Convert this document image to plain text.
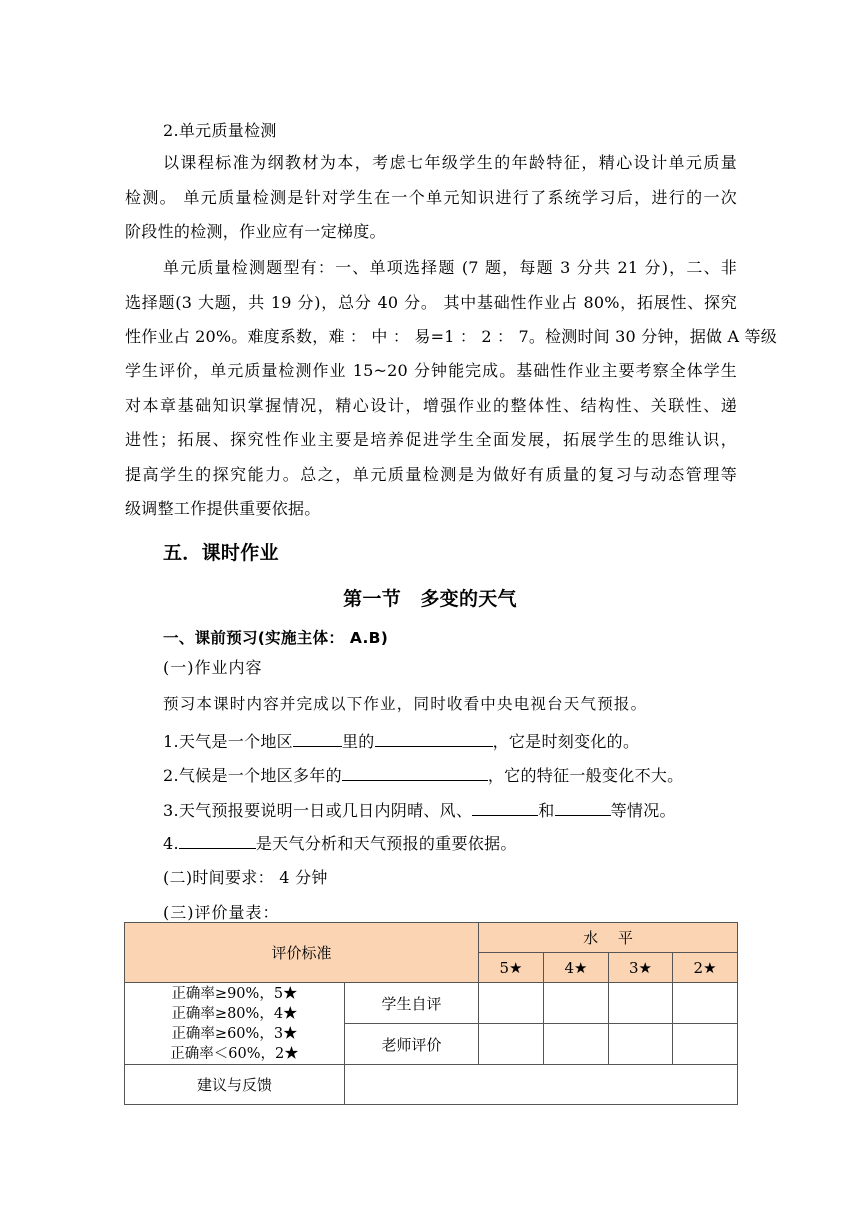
2.单元质量检测
以课程标准为纲教材为本，考虑七年级学生的年龄特征，精心设计单元质量
检测。 单元质量检测是针对学生在一个单元知识进行了系统学习后，进行的一次
阶段性的检测，作业应有一定梯度。
单元质量检测题型有：一、单项选择题 (7 题，每题 3 分共 21 分)，二、非
选择题(3 大题，共 19 分)，总分 40 分。 其中基础性作业占 80%，拓展性、探究
性作业占 20%。难度系数，难 ： 中 ： 易=1 ： 2 ： 7。检测时间 30 分钟，据做 A 等级
学生评价，单元质量检测作业 15~20 分钟能完成。基础性作业主要考察全体学生
对本章基础知识掌握情况，精心设计，增强作业的整体性、结构性、关联性、递
进性；拓展、探究性作业主要是培养促进学生全面发展，拓展学生的思维认识，
提高学生的探究能力。总之，单元质量检测是为做好有质量的复习与动态管理等
级调整工作提供重要依据。
五．课时作业
第一节　多变的天气
一、课前预习(实施主体： A.B)
(一)作业内容
预习本课时内容并完成以下作业，同时收看中央电视台天气预报。
1.天气是一个地区	里的	，它是时刻变化的。
2.气候是一个地区多年的	，它的特征一般变化不大。
3.天气预报要说明一日或几日内阴晴、风、	和	等情况。
4.	是天气分析和天气预报的重要依据。
(二)时间要求： 4 分钟
(三)评价量表：
评价标准		水　 平			
		5★	4★	3★	2★

正确率≥90%，5★
正确率≥80%，4★
正确率≥60%，3★
正确率＜60%，2★	学生自评				
	老师评价				
建议与反馈					
